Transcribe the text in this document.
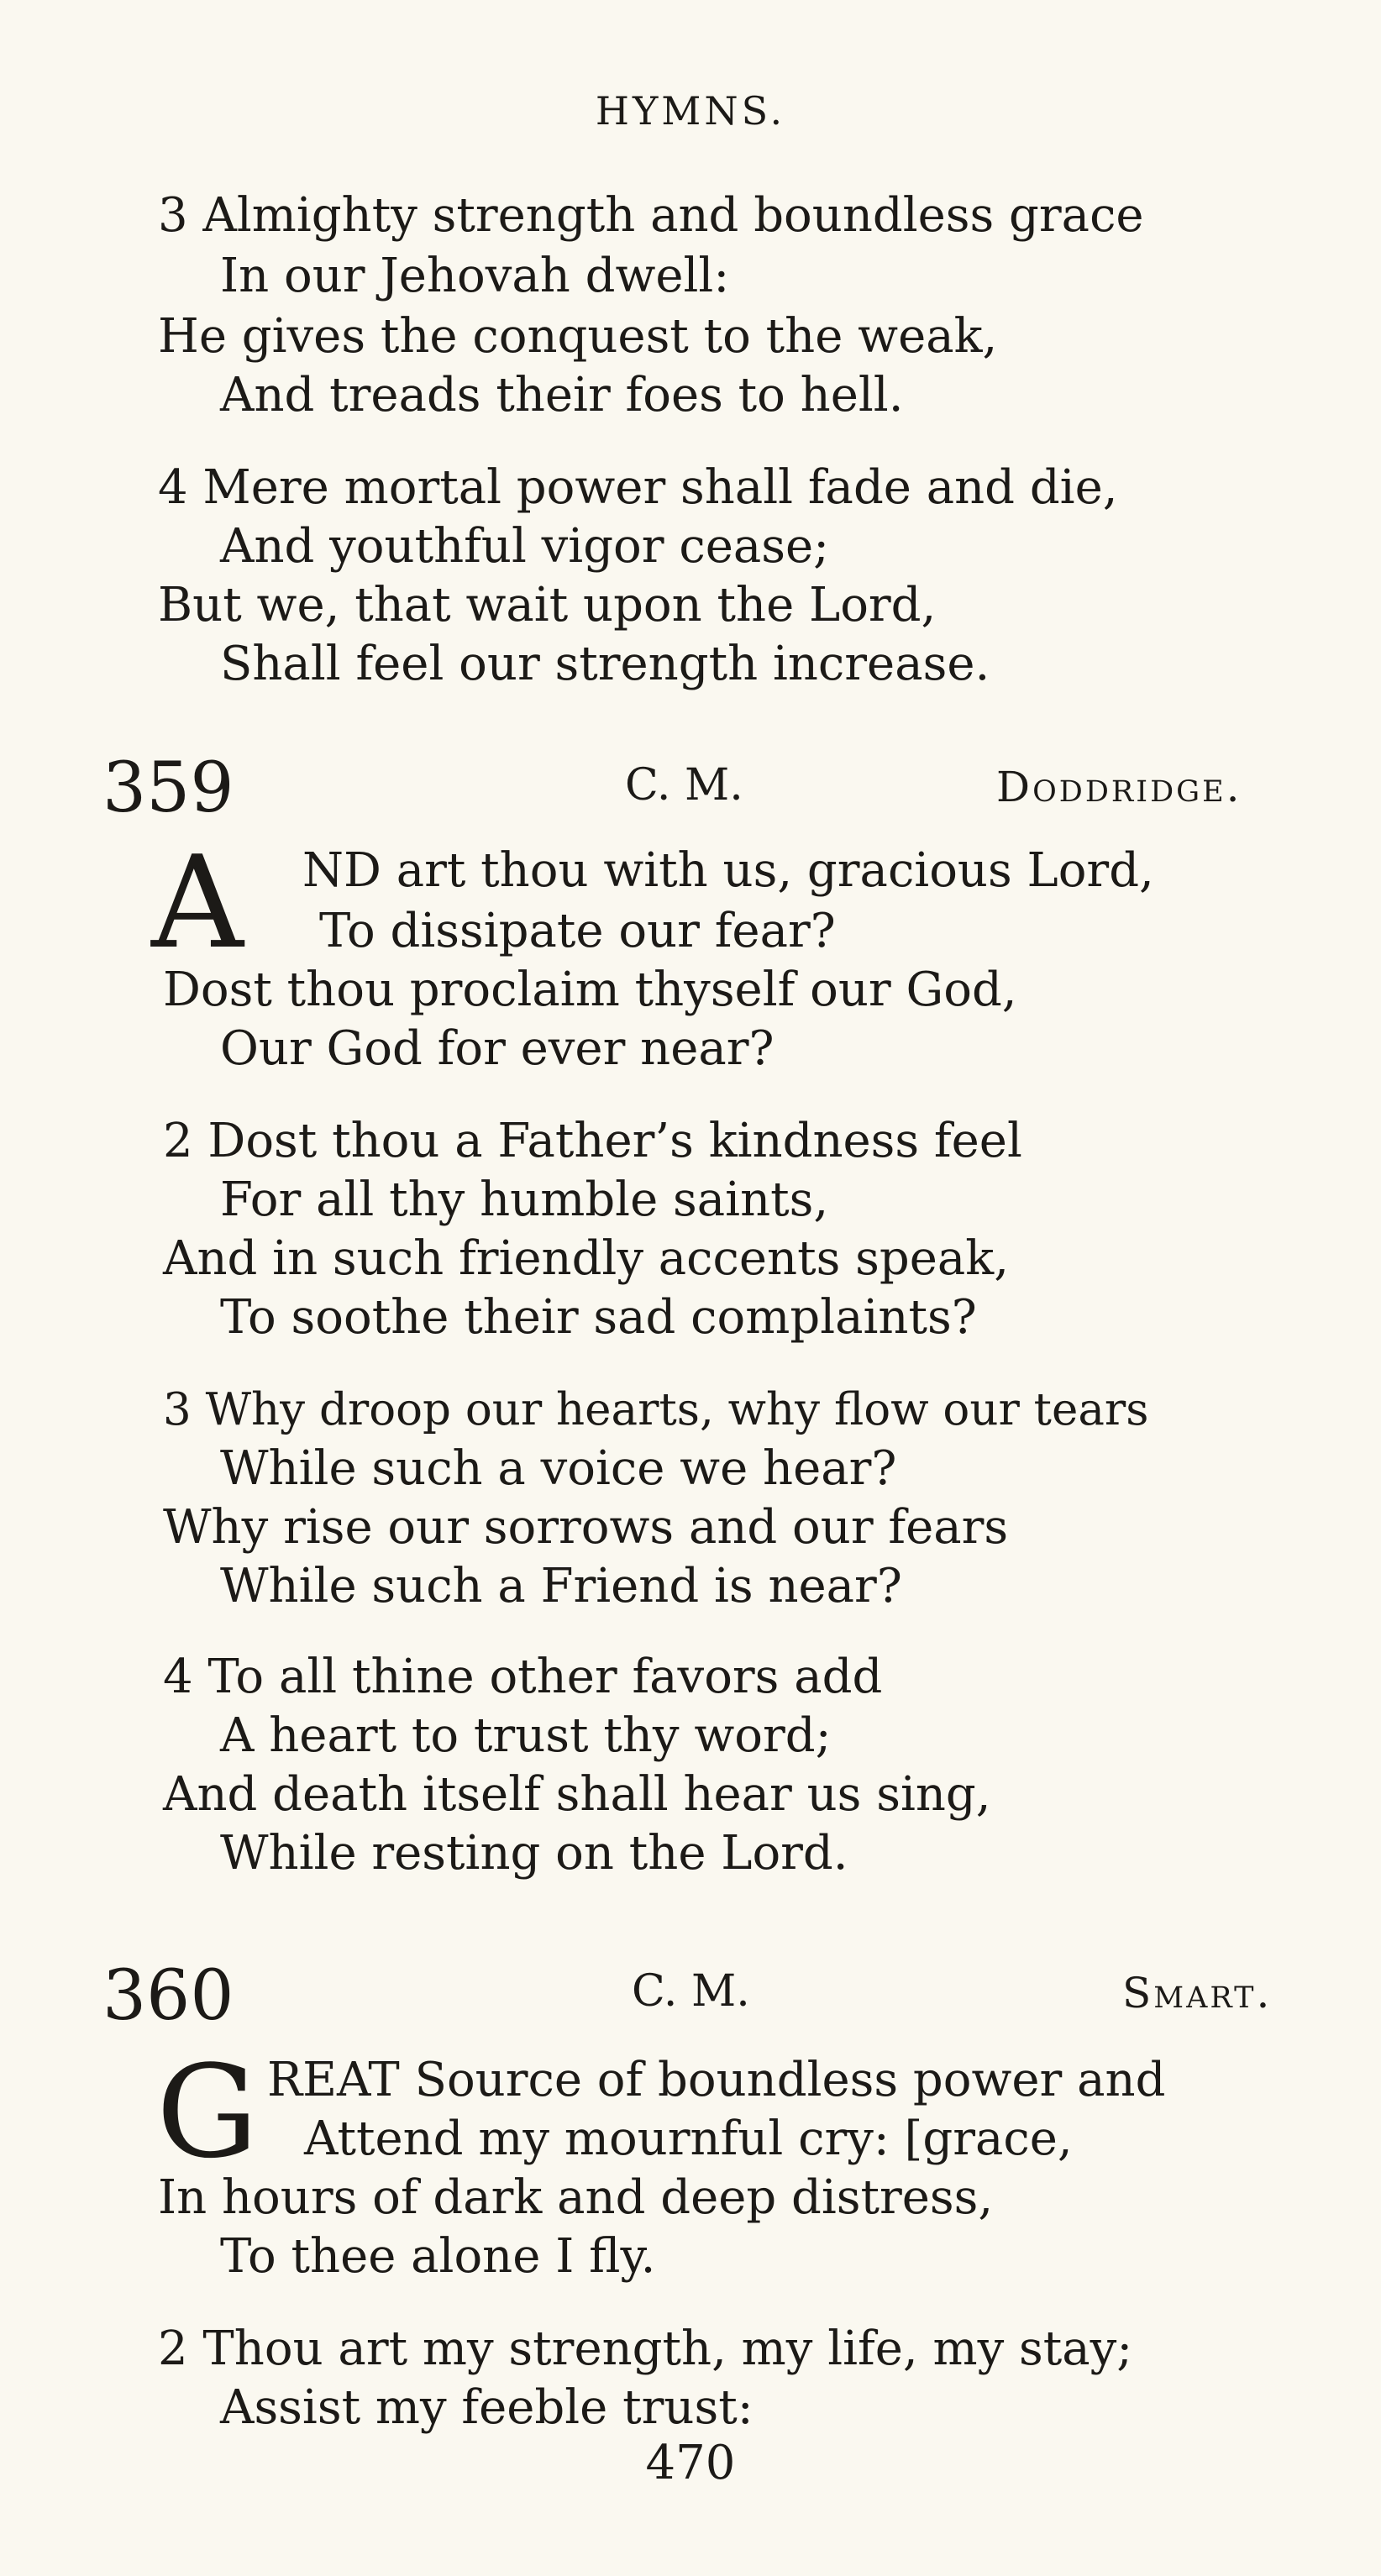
HYMNS.
3 Almighty strength and boundless grace
In our Jehovah dwell:
He gives the conquest to the weak,
And treads their foes to hell.
4 Mere mortal power shall fade and die,
And youthful vigor cease;
But we, that wait upon the Lord,
Shall feel our strength increase.
359	C. M.	Doddridge.
A ND art thou with us, gracious Lord,
To dissipate our fear?
Dost thou proclaim thyself our God,
Our God for ever near?
2 Dost thou a Father’s kindness feel
For all thy humble saints,
And in such friendly accents speak,
To soothe their sad complaints?
3 Why droop our hearts, why flow our tears
While such a voice we hear?
Why rise our sorrows and our fears
While such a Friend is near?
4 To all thine other favors add
A heart to trust thy word;
And death itself shall hear us sing,
While resting on the Lord.
360	C. M.	Smart.
G REAT Source of boundless power and
Attend my mournful cry: [grace,
In hours of dark and deep distress,
To thee alone I fly.
2 Thou art my strength, my life, my stay;
Assist my feeble trust:
470
